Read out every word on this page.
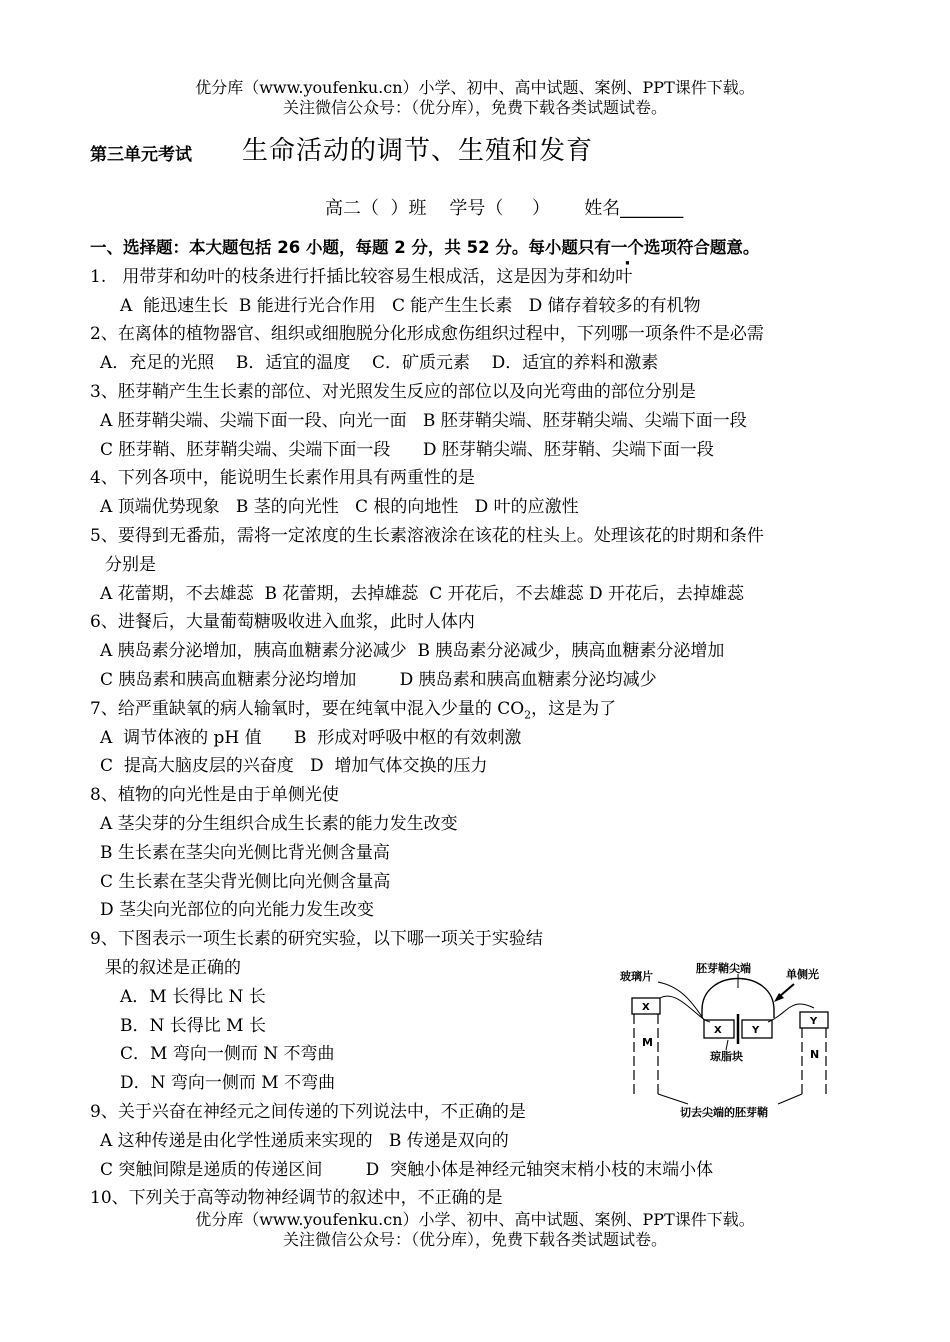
优分库（www.youfenku.cn）小学、初中、高中试题、案例、PPT课件下载。
关注微信公众号：（优分库），免费下载各类试题试卷。
第三单元考试 生命活动的调节、生殖和发育
高二（  ）班    学号（     ）      姓名_______
一、选择题：本大题包括 26 小题，每题 2 分，共 52 分。每小题只有一个选项符合题意。
1.   用带芽和幼叶的枝条进行扦插比较容易生根成活，这是因为芽和幼叶
A  能迅速生长  B 能进行光合作用   C 能产生生长素   D 储存着较多的有机物
2、在离体的植物器官、组织或细胞脱分化形成愈伤组织过程中，下列哪一项条件不是必需
A．充足的光照    B．适宜的温度    C．矿质元素    D．适宜的养料和激素
3、胚芽鞘产生生长素的部位、对光照发生反应的部位以及向光弯曲的部位分别是
A 胚芽鞘尖端、尖端下面一段、向光一面   B 胚芽鞘尖端、胚芽鞘尖端、尖端下面一段
C 胚芽鞘、胚芽鞘尖端、尖端下面一段      D 胚芽鞘尖端、胚芽鞘、尖端下面一段
4、下列各项中，能说明生长素作用具有两重性的是
A 顶端优势现象   B 茎的向光性   C 根的向地性   D 叶的应激性
5、要得到无番茄，需将一定浓度的生长素溶液涂在该花的柱头上。处理该花的时期和条件
分别是
A 花蕾期，不去雄蕊  B 花蕾期，去掉雄蕊  C 开花后，不去雄蕊 D 开花后，去掉雄蕊
6、进餐后，大量葡萄糖吸收进入血浆，此时人体内
A 胰岛素分泌增加，胰高血糖素分泌减少  B 胰岛素分泌减少，胰高血糖素分泌增加
C 胰岛素和胰高血糖素分泌均增加        D 胰岛素和胰高血糖素分泌均减少
7、给严重缺氧的病人输氧时，要在纯氧中混入少量的 $CO_2$，这是为了
A  调节体液的 pH 值      B  形成对呼吸中枢的有效刺激
C  提高大脑皮层的兴奋度   D  增加气体交换的压力
8、植物的向光性是由于单侧光使
A 茎尖芽的分生组织合成生长素的能力发生改变
B 生长素在茎尖向光侧比背光侧含量高
C 生长素在茎尖背光侧比向光侧含量高
D 茎尖向光部位的向光能力发生改变
9、下图表示一项生长素的研究实验，以下哪一项关于实验结
果的叙述是正确的
A．M 长得比 N 长
B．N 长得比 M 长
C．M 弯向一侧而 N 不弯曲
D．N 弯向一侧而 M 不弯曲
9、关于兴奋在神经元之间传递的下列说法中，不正确的是
A 这种传递是由化学性递质来实现的   B 传递是双向的
C 突触间隙是递质的传递区间        D  突触小体是神经元轴突末梢小枝的末端小体
10、下列关于高等动物神经调节的叙述中，不正确的是
玻璃片
胚芽鞘尖端	单侧光
X	Y
琼脂块
X
M
Y
N
切去尖端的胚芽鞘
优分库（www.youfenku.cn）小学、初中、高中试题、案例、PPT课件下载。
关注微信公众号：（优分库），免费下载各类试题试卷。
